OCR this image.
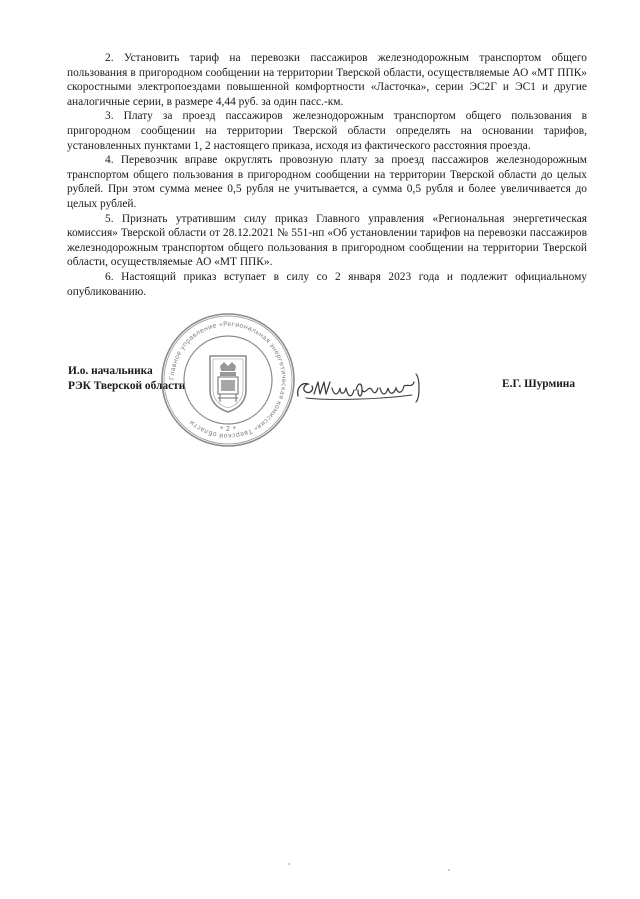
2. Установить тариф на перевозки пассажиров железнодорожным транспортом общего пользования в пригородном сообщении на территории Тверской области, осуществляемые АО «МТ ППК» скоростными электропоездами повышенной комфортности «Ласточка», серии ЭС2Г и ЭС1 и другие аналогичные серии, в размере 4,44 руб. за один пасс.-км.

3. Плату за проезд пассажиров железнодорожным транспортом общего пользования в пригородном сообщении на территории Тверской области определять на основании тарифов, установленных пунктами 1, 2 настоящего приказа, исходя из фактического расстояния проезда.

4. Перевозчик вправе округлять провозную плату за проезд пассажиров железнодорожным транспортом общего пользования в пригородном сообщении на территории Тверской области до целых рублей. При этом сумма менее 0,5 рубля не учитывается, а сумма 0,5 рубля и более увеличивается до целых рублей.

5. Признать утратившим силу приказ Главного управления «Региональная энергетическая комиссия» Тверской области от 28.12.2021 № 551-нп «Об установлении тарифов на перевозки пассажиров железнодорожным транспортом общего пользования в пригородном сообщении на территории Тверской области, осуществляемые АО «МТ ППК».

6. Настоящий приказ вступает в силу со 2 января 2023 года и подлежит официальному опубликованию.

И.о. начальника

РЭК Тверской области

Главное управление «Региональная энергетическая комиссия» Тверской области
* 2 *
Е.Г. Шурмина
